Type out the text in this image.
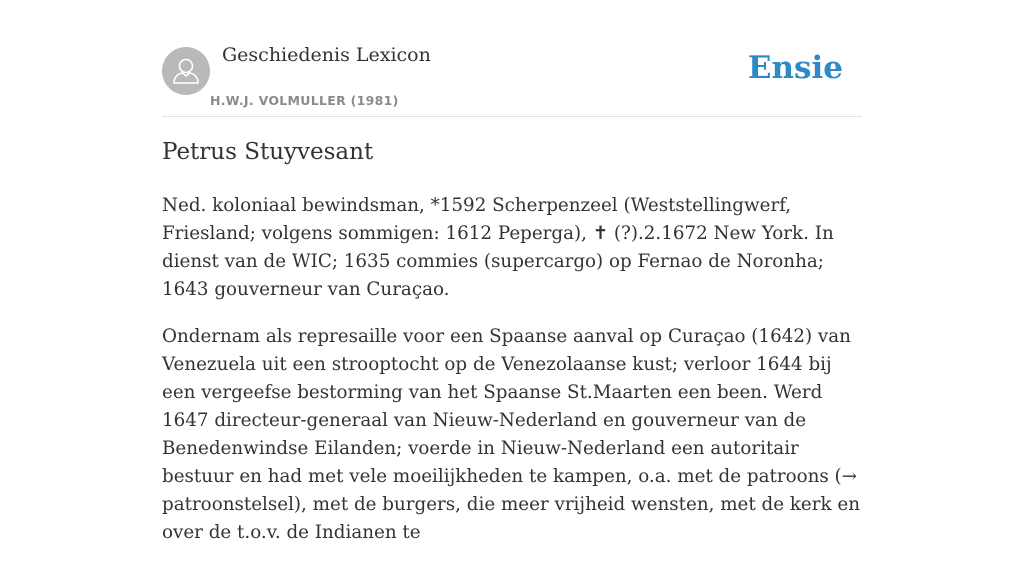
Geschiedenis Lexicon
H.W.J. VOLMULLER (1981)
Ensie
Petrus Stuyvesant

Ned. koloniaal bewindsman, *1592 Scherpenzeel (Weststellingwerf, Friesland; volgens sommigen: 1612 Peperga), ✝ (?).2.1672 New York. In dienst van de WIC; 1635 commies (supercargo) op Fernao de Noronha; 1643 gouverneur van Curaçao.

Ondernam als represaille voor een Spaanse aanval op Curaçao (1642) van Venezuela uit een strooptocht op de Venezolaanse kust; verloor 1644 bij een vergeefse bestorming van het Spaanse St.Maarten een been. Werd 1647 directeur-generaal van Nieuw-Nederland en gouverneur van de Benedenwindse Eilanden; voerde in Nieuw-Nederland een autoritair bestuur en had met vele moeilijkheden te kampen, o.a. met de patroons (→ patroonstelsel), met de burgers, die meer vrijheid wensten, met de kerk en over de t.o.v. de Indianen te
